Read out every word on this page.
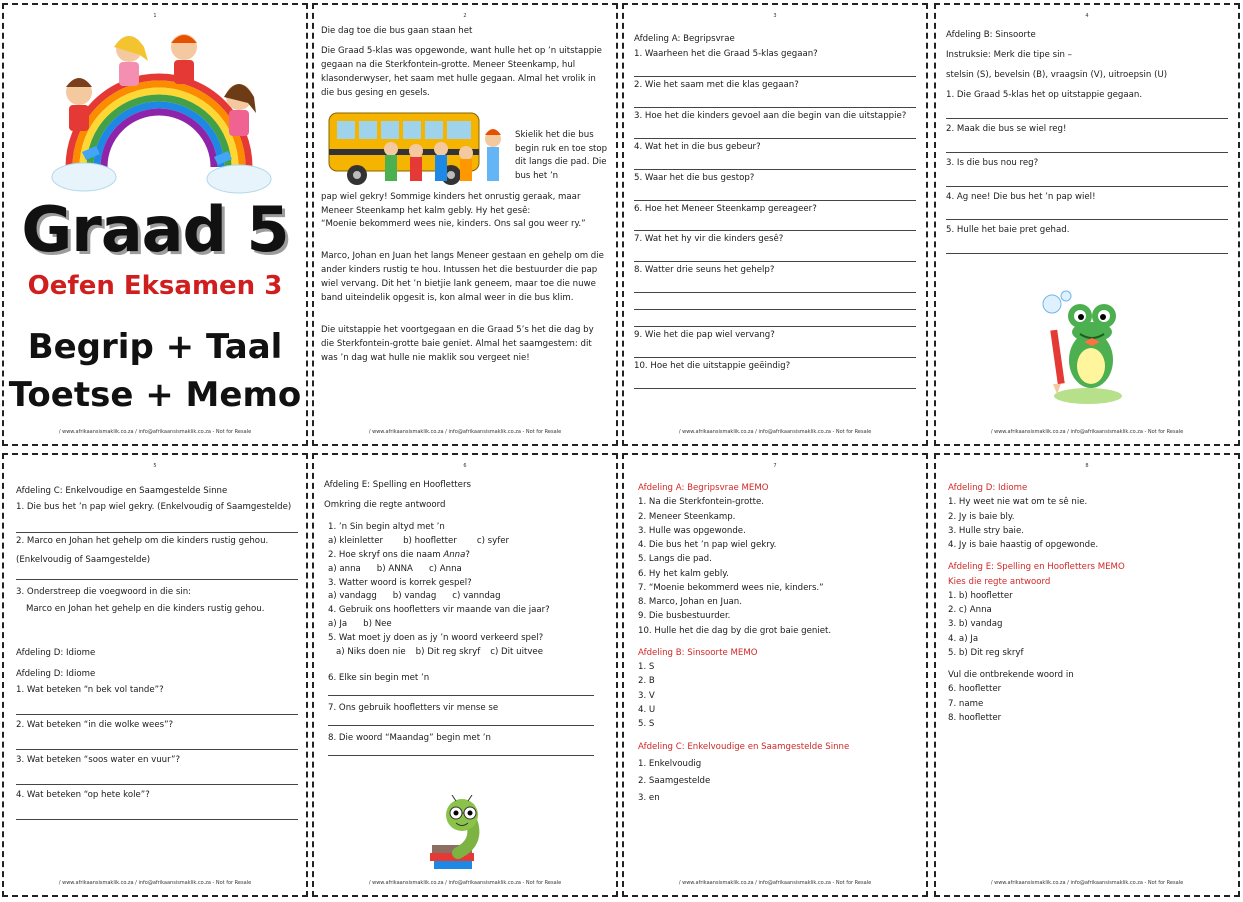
1
Graad 5
Oefen Eksamen 3
Begrip + Taal
Toetse + Memo
/ www.afrikaansismaklik.co.za / info@afrikaansismaklik.co.za - Not for Resale
2
Die dag toe die bus gaan staan het
Die Graad 5-klas was opgewonde, want hulle het op ’n uitstappie gegaan na die Sterkfontein-grotte. Meneer Steenkamp, hul klasonderwyser, het saam met hulle gegaan. Almal het vrolik in die bus gesing en gesels.
Skielik het die bus begin ruk en toe stop dit langs die pad. Die bus het ’n
pap wiel gekry! Sommige kinders het onrustig geraak, maar Meneer Steenkamp het kalm gebly. Hy het gesê:
“Moenie bekommerd wees nie, kinders. Ons sal gou weer ry.”
Marco, Johan en Juan het langs Meneer gestaan en gehelp om die ander kinders rustig te hou. Intussen het die bestuurder die pap wiel vervang. Dit het ’n bietjie lank geneem, maar toe die nuwe band uiteindelik opgesit is, kon almal weer in die bus klim.
Die uitstappie het voortgegaan en die Graad 5’s het die dag by die Sterkfontein-grotte baie geniet. Almal het saamgestem: dit was ’n dag wat hulle nie maklik sou vergeet nie!
/ www.afrikaansismaklik.co.za / info@afrikaansismaklik.co.za - Not for Resale
3
Afdeling A: Begripsvrae
1. Waarheen het die Graad 5-klas gegaan?
2. Wie het saam met die klas gegaan?
3. Hoe het die kinders gevoel aan die begin van die uitstappie?
4. Wat het in die bus gebeur?
5. Waar het die bus gestop?
6. Hoe het Meneer Steenkamp gereageer?
7. Wat het hy vir die kinders gesê?
8. Watter drie seuns het gehelp?
9. Wie het die pap wiel vervang?
10. Hoe het die uitstappie geëindig?
/ www.afrikaansismaklik.co.za / info@afrikaansismaklik.co.za - Not for Resale
4
Afdeling B: Sinsoorte
Instruksie: Merk die tipe sin –
stelsin (S), bevelsin (B), vraagsin (V), uitroepsin (U)
1. Die Graad 5-klas het op uitstappie gegaan.
2. Maak die bus se wiel reg!
3. Is die bus nou reg?
4. Ag nee! Die bus het ’n pap wiel!
5. Hulle het baie pret gehad.
/ www.afrikaansismaklik.co.za / info@afrikaansismaklik.co.za - Not for Resale
5
Afdeling C: Enkelvoudige en Saamgestelde Sinne
1. Die bus het ’n pap wiel gekry. (Enkelvoudig of Saamgestelde)
2. Marco en Johan het gehelp om die kinders rustig gehou.
(Enkelvoudig of Saamgestelde)
3. Onderstreep die voegwoord in die sin:
Marco en Johan het gehelp en die kinders rustig gehou.
Afdeling D: Idiome
Afdeling D: Idiome
1. Wat beteken “n bek vol tande”?
2. Wat beteken “in die wolke wees”?
3. Wat beteken “soos water en vuur”?
4. Wat beteken “op hete kole”?
/ www.afrikaansismaklik.co.za / info@afrikaansismaklik.co.za - Not for Resale
6
Afdeling E: Spelling en Hoofletters
Omkring die regte antwoord
1. ’n Sin begin altyd met ’n
a) kleinletter b) hoofletter c) syfer
2. Hoe skryf ons die naam Anna?
a) anna b) ANNA c) Anna
3. Watter woord is korrek gespel?
a) vandagg b) vandag c) vanndag
4. Gebruik ons hoofletters vir maande van die jaar?
a) Ja b) Nee
5. Wat moet jy doen as jy ’n woord verkeerd spel?
a) Niks doen nie b) Dit reg skryf c) Dit uitvee
6. Elke sin begin met ’n
7. Ons gebruik hoofletters vir mense se
8. Die woord “Maandag” begin met ’n
/ www.afrikaansismaklik.co.za / info@afrikaansismaklik.co.za - Not for Resale
7
Afdeling A: Begripsvrae MEMO
1. Na die Sterkfontein-grotte.
2. Meneer Steenkamp.
3. Hulle was opgewonde.
4. Die bus het ’n pap wiel gekry.
5. Langs die pad.
6. Hy het kalm gebly.
7. “Moenie bekommerd wees nie, kinders.”
8. Marco, Johan en Juan.
9. Die busbestuurder.
10. Hulle het die dag by die grot baie geniet.
Afdeling B: Sinsoorte MEMO
1. S
2. B
3. V
4. U
5. S
Afdeling C: Enkelvoudige en Saamgestelde Sinne
1. Enkelvoudig
2. Saamgestelde
3. en
/ www.afrikaansismaklik.co.za / info@afrikaansismaklik.co.za - Not for Resale
8
Afdeling D: Idiome
1. Hy weet nie wat om te sê nie.
2. Jy is baie bly.
3. Hulle stry baie.
4. Jy is baie haastig of opgewonde.
Afdeling E: Spelling en Hoofletters MEMO
Kies die regte antwoord
1. b) hoofletter
2. c) Anna
3. b) vandag
4. a) Ja
5. b) Dit reg skryf
Vul die ontbrekende woord in
6. hoofletter
7. name
8. hoofletter
/ www.afrikaansismaklik.co.za / info@afrikaansismaklik.co.za - Not for Resale
